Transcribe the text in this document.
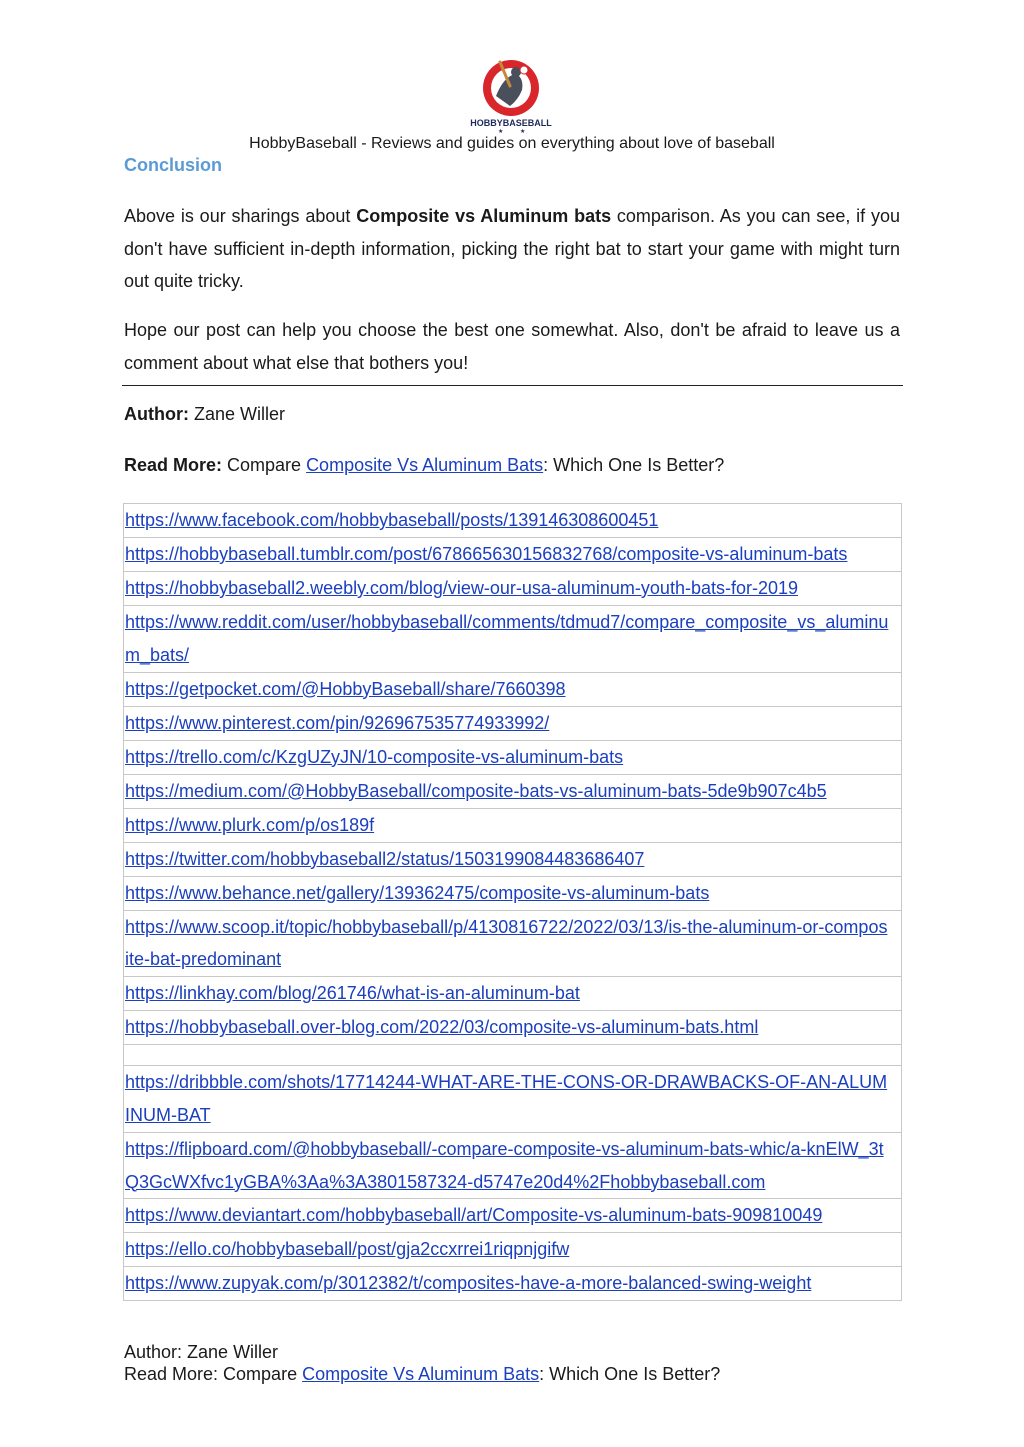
HOBBYBASEBALL
★	★
HobbyBaseball - Reviews and guides on everything about love of baseball
Conclusion
Above is our sharings about Composite vs Aluminum bats comparison. As you can see, if you don't have sufficient in-depth information, picking the right bat to start your game with might turn out quite tricky.
Hope our post can help you choose the best one somewhat. Also, don't be afraid to leave us a comment about what else that bothers you!
Author: Zane Willer
Read More: Compare Composite Vs Aluminum Bats: Which One Is Better?
https://www.facebook.com/hobbybaseball/posts/139146308600451
https://hobbybaseball.tumblr.com/post/678665630156832768/composite-vs-aluminum-bats
https://hobbybaseball2.weebly.com/blog/view-our-usa-aluminum-youth-bats-for-2019
https://www.reddit.com/user/hobbybaseball/comments/tdmud7/compare_composite_vs_aluminum_bats/
https://getpocket.com/@HobbyBaseball/share/7660398
https://www.pinterest.com/pin/926967535774933992/
https://trello.com/c/KzgUZyJN/10-composite-vs-aluminum-bats
https://medium.com/@HobbyBaseball/composite-bats-vs-aluminum-bats-5de9b907c4b5
https://www.plurk.com/p/os189f
https://twitter.com/hobbybaseball2/status/1503199084483686407
https://www.behance.net/gallery/139362475/composite-vs-aluminum-bats
https://www.scoop.it/topic/hobbybaseball/p/4130816722/2022/03/13/is-the-aluminum-or-composite-bat-predominant
https://linkhay.com/blog/261746/what-is-an-aluminum-bat
https://hobbybaseball.over-blog.com/2022/03/composite-vs-aluminum-bats.html
https://dribbble.com/shots/17714244-WHAT-ARE-THE-CONS-OR-DRAWBACKS-OF-AN-ALUMINUM-BAT
https://flipboard.com/@hobbybaseball/-compare-composite-vs-aluminum-bats-whic/a-knElW_3tQ3GcWXfvc1yGBA%3Aa%3A3801587324-d5747e20d4%2Fhobbybaseball.com
https://www.deviantart.com/hobbybaseball/art/Composite-vs-aluminum-bats-909810049
https://ello.co/hobbybaseball/post/gja2ccxrrei1riqpnjgifw
https://www.zupyak.com/p/3012382/t/composites-have-a-more-balanced-swing-weight
Author: Zane Willer
Read More: Compare Composite Vs Aluminum Bats: Which One Is Better?
